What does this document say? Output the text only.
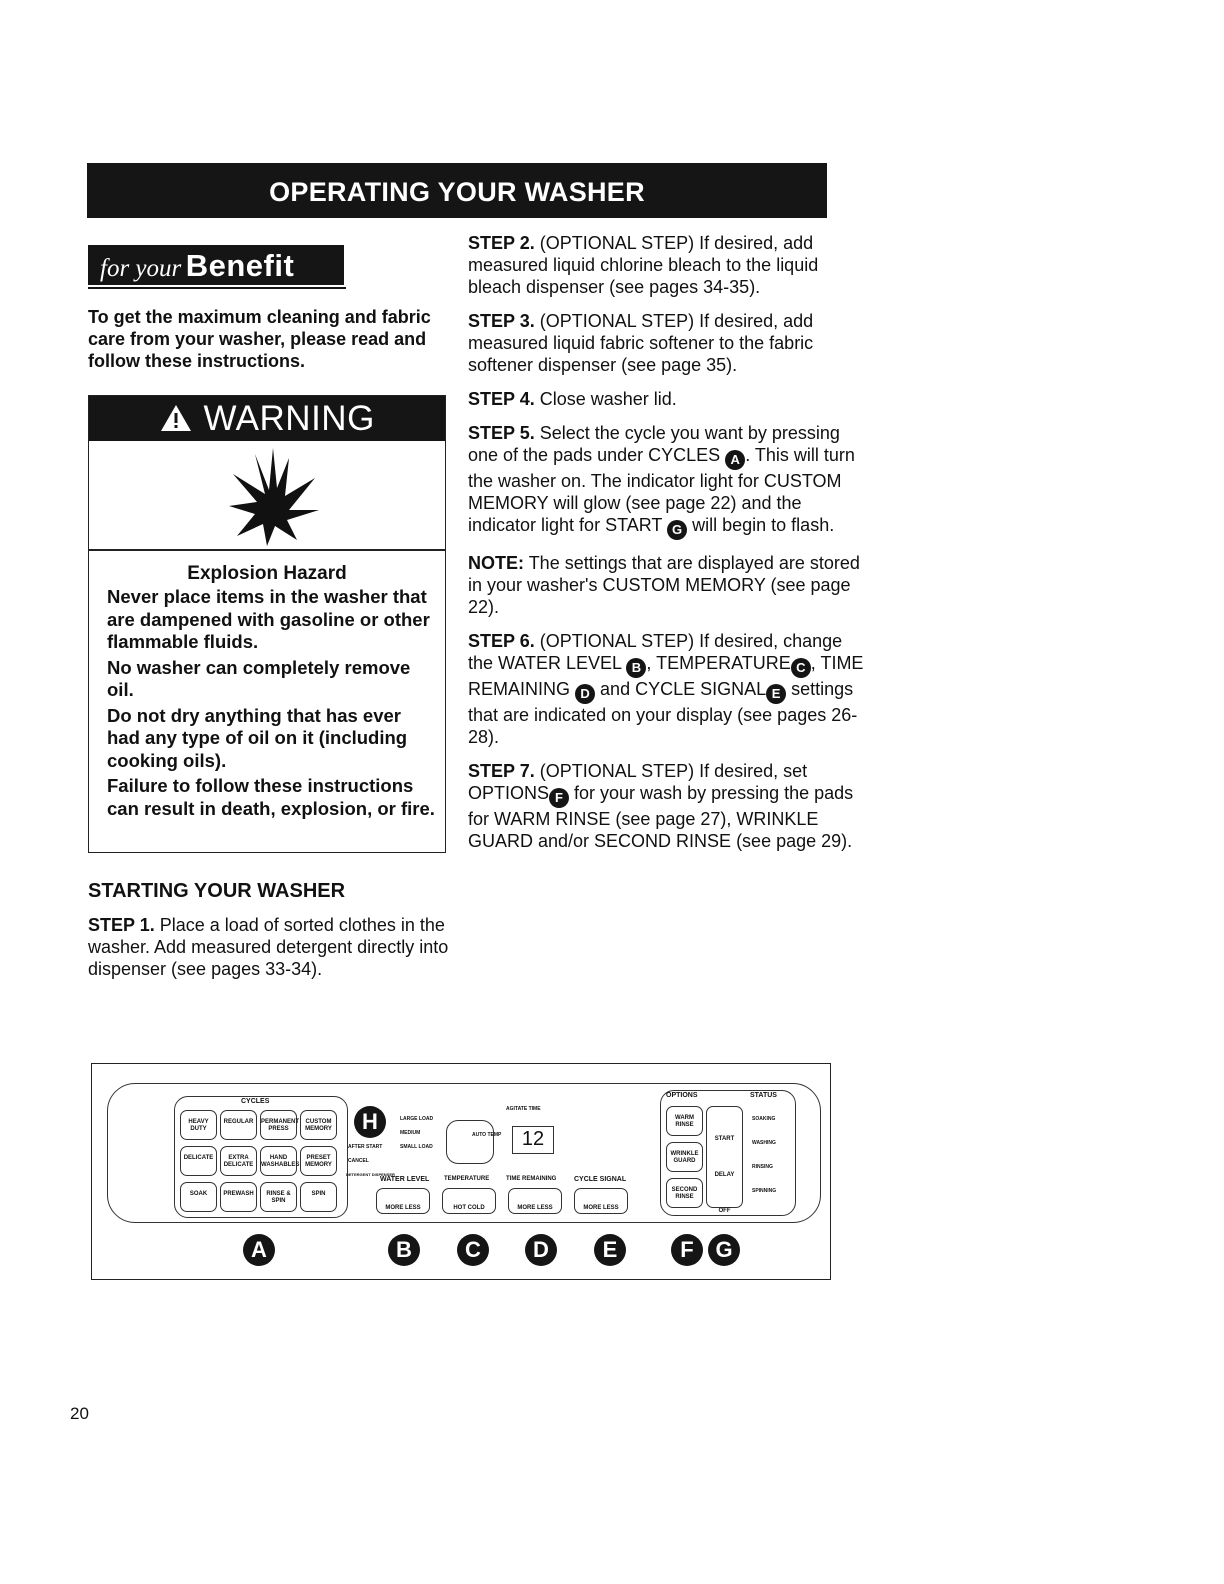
OPERATING YOUR WASHER
for your Benefit
To get the maximum cleaning and fabric care from your washer, please read and follow these instructions.
WARNING
Explosion Hazard

Never place items in the washer that are dampened with gasoline or other flammable fluids.

No washer can completely remove oil.

Do not dry anything that has ever had any type of oil on it (including cooking oils).

Failure to follow these instructions can result in death, explosion, or fire.

STARTING YOUR WASHER
STEP 1. Place a load of sorted clothes in the washer. Add measured detergent directly into dispenser (see pages 33-34).

STEP 2. (OPTIONAL STEP) If desired, add measured liquid chlorine bleach to the liquid bleach dispenser (see pages 34-35).

STEP 3. (OPTIONAL STEP) If desired, add measured liquid fabric softener to the fabric softener dispenser (see page 35).

STEP 4. Close washer lid.

STEP 5. Select the cycle you want by pressing one of the pads under CYCLES A . This will turn the washer on. The indicator light for CUSTOM MEMORY will glow (see page 22) and the indicator light for START G will begin to flash.

NOTE: The settings that are displayed are stored in your washer's CUSTOM MEMORY (see page 22).

STEP 6. (OPTIONAL STEP) If desired, change the WATER LEVEL B , TEMPERATURE C , TIME REMAINING D and CYCLE SIGNAL E settings that are indicated on your display (see pages 26-28).

STEP 7. (OPTIONAL STEP) If desired, set OPTIONS F for your wash by pressing the pads for WARM RINSE (see page 27), WRINKLE GUARD and/or SECOND RINSE (see page 29).

CYCLES
HEAVY DUTY
REGULAR	PERMANENT PRESS
CUSTOM MEMORY
DELICATE	EXTRA DELICATE
HAND WASHABLES
PRESET MEMORY
SOAK	PREWASH	RINSE & SPIN
SPIN
H
AFTER START
CANCEL
DETERGENT DISPENSER
LARGE LOAD
MEDIUM
SMALL LOAD
AUTO TEMP
AGITATE TIME
12
WATER LEVEL TEMPERATURE	TIME REMAINING	CYCLE SIGNAL
MORE LESS	HOT COLD	MORE LESS	MORE LESS
OPTIONS	STATUS
WARM RINSE
WRINKLE GUARD
SECOND RINSE
START
DELAY
OFF
SOAKING
WASHING
RINSING
SPINNING
A	B	C	D	E	F G
20
